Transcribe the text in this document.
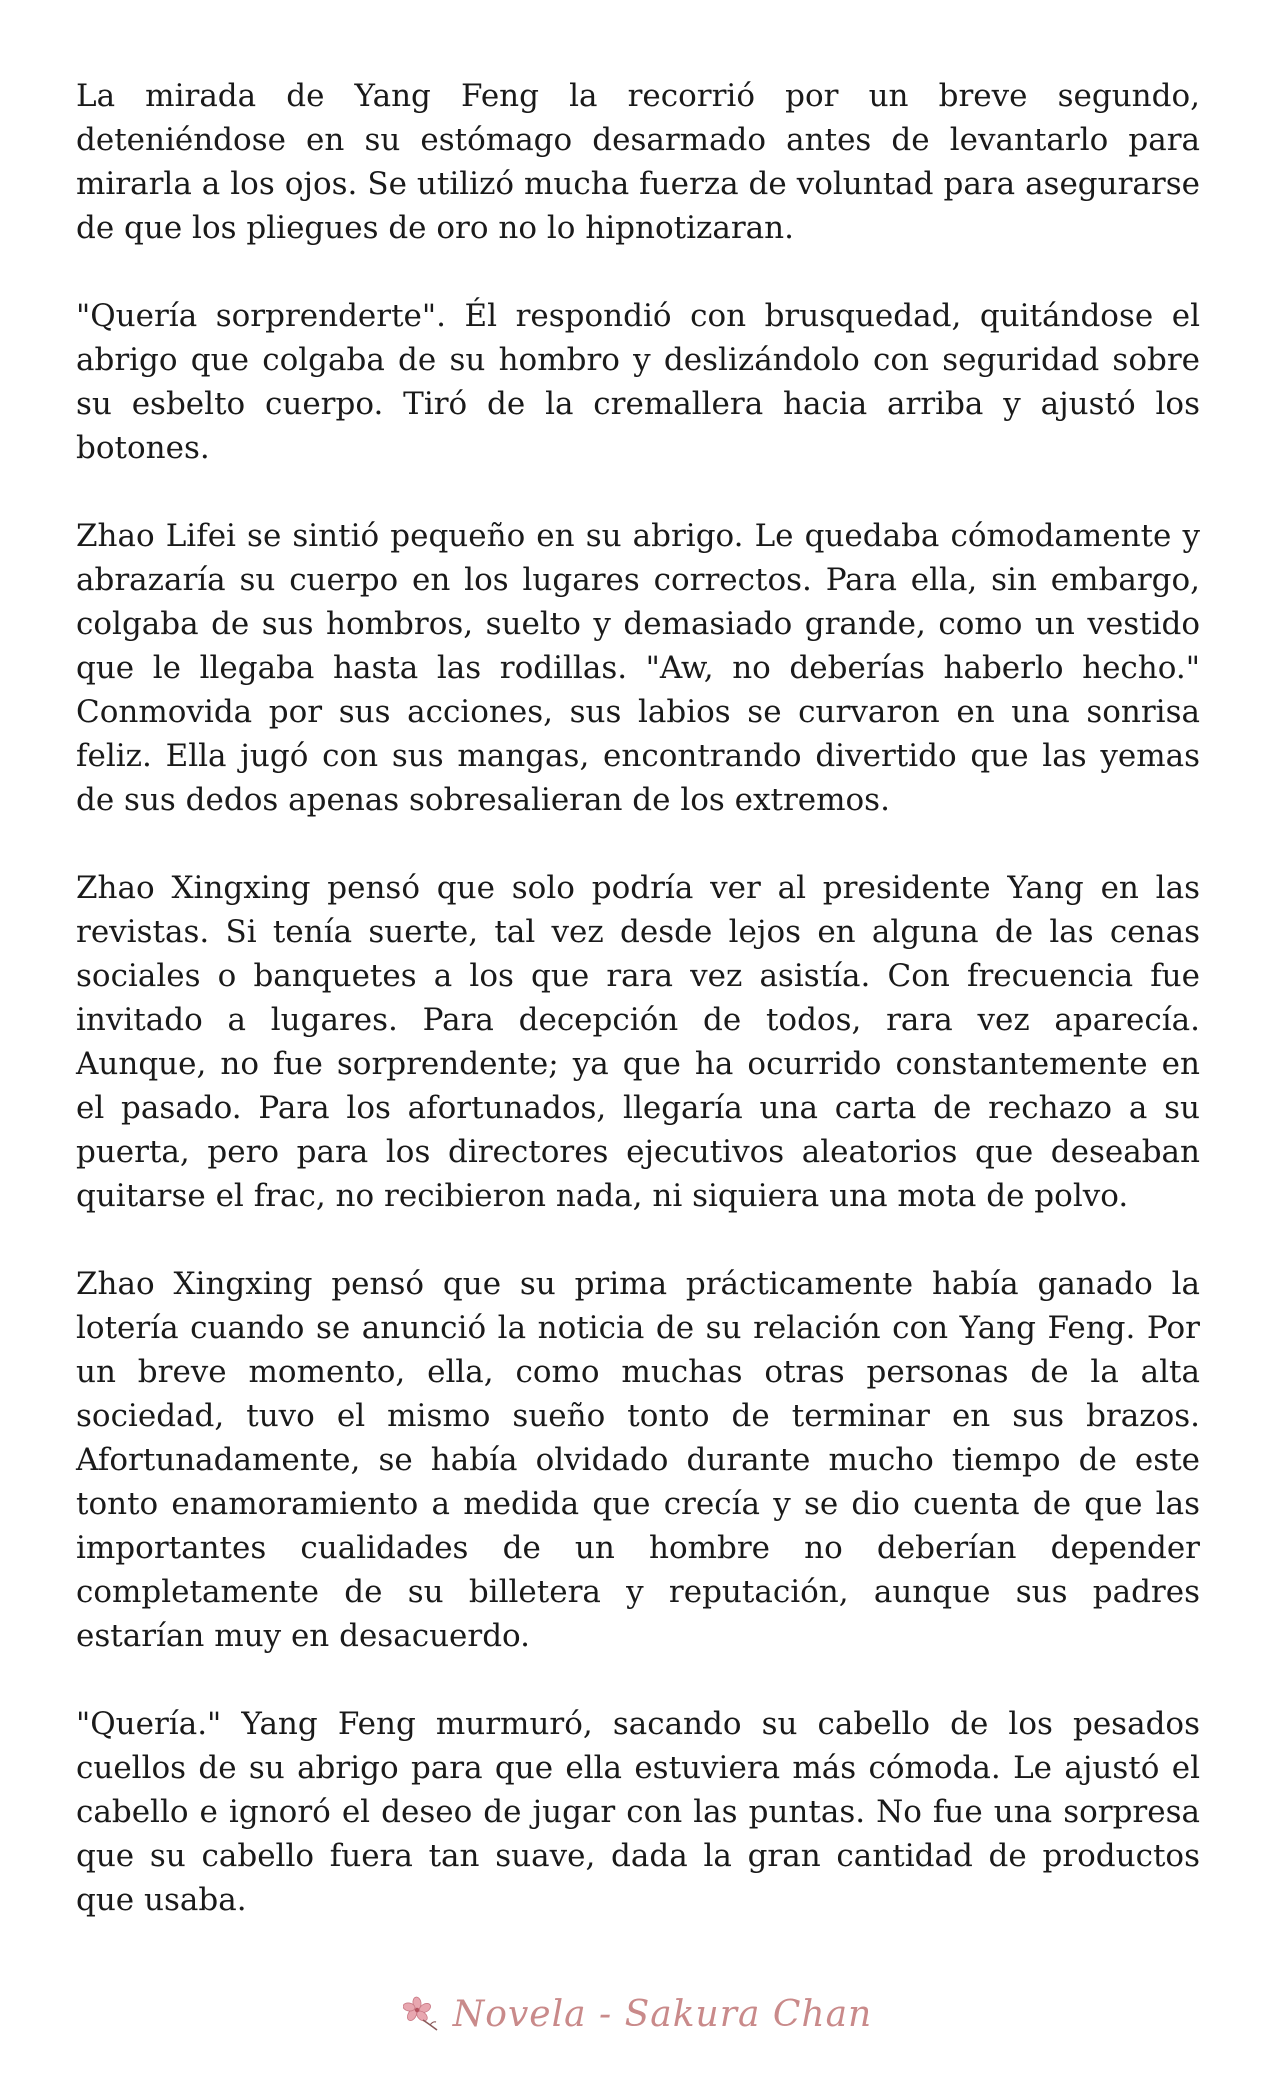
La mirada de Yang Feng la recorrió por un breve segundo, deteniéndose en su estómago desarmado antes de levantarlo para mirarla a los ojos. Se utilizó mucha fuerza de voluntad para asegurarse de que los pliegues de oro no lo hipnotizaran.

"Quería sorprenderte". Él respondió con brusquedad, quitándose el abrigo que colgaba de su hombro y deslizándolo con seguridad sobre su esbelto cuerpo. Tiró de la cremallera hacia arriba y ajustó los botones.

Zhao Lifei se sintió pequeño en su abrigo. Le quedaba cómodamente y abrazaría su cuerpo en los lugares correctos. Para ella, sin embargo, colgaba de sus hombros, suelto y demasiado grande, como un vestido que le llegaba hasta las rodillas. "Aw, no deberías haberlo hecho." Conmovida por sus acciones, sus labios se curvaron en una sonrisa feliz. Ella jugó con sus mangas, encontrando divertido que las yemas de sus dedos apenas sobresalieran de los extremos.

Zhao Xingxing pensó que solo podría ver al presidente Yang en las revistas. Si tenía suerte, tal vez desde lejos en alguna de las cenas sociales o banquetes a los que rara vez asistía. Con frecuencia fue invitado a lugares. Para decepción de todos, rara vez aparecía. Aunque, no fue sorprendente; ya que ha ocurrido constantemente en el pasado. Para los afortunados, llegaría una carta de rechazo a su puerta, pero para los directores ejecutivos aleatorios que deseaban quitarse el frac, no recibieron nada, ni siquiera una mota de polvo.

Zhao Xingxing pensó que su prima prácticamente había ganado la lotería cuando se anunció la noticia de su relación con Yang Feng. Por un breve momento, ella, como muchas otras personas de la alta sociedad, tuvo el mismo sueño tonto de terminar en sus brazos. Afortunadamente, se había olvidado durante mucho tiempo de este tonto enamoramiento a medida que crecía y se dio cuenta de que las importantes cualidades de un hombre no deberían depender completamente de su billetera y reputación, aunque sus padres estarían muy en desacuerdo.

"Quería." Yang Feng murmuró, sacando su cabello de los pesados cuellos de su abrigo para que ella estuviera más cómoda. Le ajustó el cabello e ignoró el deseo de jugar con las puntas. No fue una sorpresa que su cabello fuera tan suave, dada la gran cantidad de productos que usaba.

Novela - Sakura Chan
